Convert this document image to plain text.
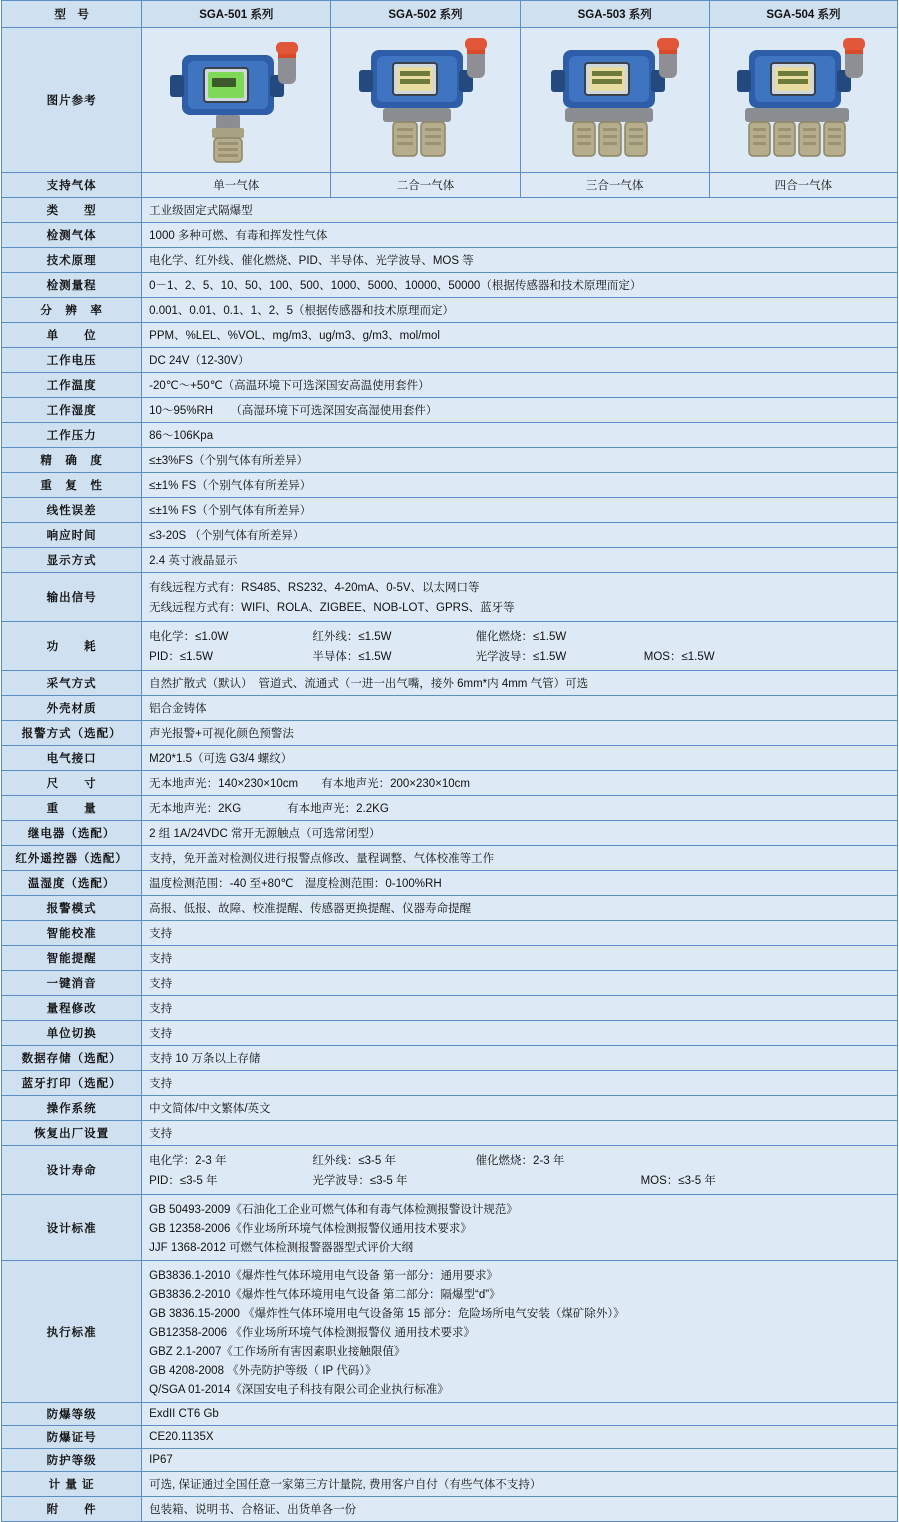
型　号	SGA-501 系列	SGA-502 系列	SGA-503 系列	SGA-504 系列
图片参考	

支持气体	单一气体	二合一气体	三合一气体	四合一气体
类　　型	工业级固定式隔爆型			
检测气体	1000 多种可燃、有毒和挥发性气体			
技术原理	电化学、红外线、催化燃烧、PID、半导体、光学波导、MOS 等			
检测量程	0－1、2、5、10、50、100、500、1000、5000、10000、50000（根据传感器和技术原理而定）			
分　辨　率	0.001、0.01、0.1、1、2、5（根据传感器和技术原理而定）			
单　　位	PPM、%LEL、%VOL、mg/m3、ug/m3、g/m3、mol/mol			
工作电压	DC 24V（12-30V）			
工作温度	-20℃～+50℃（高温环境下可选深国安高温使用套件）			
工作湿度	10～95%RH　　（高湿环境下可选深国安高湿使用套件）			
工作压力	86～106Kpa			
精　确　度	≤±3%FS（个别气体有所差异）			
重　复　性	≤±1% FS（个别气体有所差异）			
线性误差	≤±1% FS（个别气体有所差异）			
响应时间	≤3-20S （个别气体有所差异）			
显示方式	2.4 英寸液晶显示			
输出信号	有线远程方式有：RS485、RS232、4-20mA、0-5V、以太网口等
无线远程方式有：WIFI、ROLA、ZIGBEE、NOB-LOT、GPRS、蓝牙等			

功　　耗	电化学：≤1.0W 红外线：≤1.5W 催化燃烧：≤1.5W
PID：≤1.5W 半导体：≤1.5W 光学波导：≤1.5W MOS：≤1.5W			

采气方式	自然扩散式（默认）　管道式、流通式（一进一出气嘴，接外 6mm*内 4mm 气管）可选			
外壳材质	铝合金铸体			
报警方式（选配）	声光报警+可视化颜色预警法			
电气接口	M20*1.5（可选 G3/4 螺纹）			
尺　　寸	无本地声光：140×230×10cm　　有本地声光：200×230×10cm			
重　　量	无本地声光：2KG　　　　有本地声光：2.2KG			
继电器（选配）	2 组 1A/24VDC 常开无源触点（可选常闭型）			
红外遥控器（选配）	支持，免开盖对检测仪进行报警点修改、量程调整、气体校准等工作			
温湿度（选配）	温度检测范围：-40 至+80℃　湿度检测范围：0-100%RH			
报警模式	高报、低报、故障、校准提醒、传感器更换提醒、仪器寿命提醒			
智能校准	支持			
智能提醒	支持			
一键消音	支持			
量程修改	支持			
单位切换	支持			
数据存储（选配）	支持 10 万条以上存储			
蓝牙打印（选配）	支持			
操作系统	中文简体/中文繁体/英文			
恢复出厂设置	支持			
设计寿命	电化学：2-3 年 红外线：≤3-5 年 催化燃烧：2-3 年
PID：≤3-5 年 光学波导：≤3-5 年 MOS：≤3-5 年			

设计标准	GB 50493-2009《石油化工企业可燃气体和有毒气体检测报警设计规范》
GB 12358-2006《作业场所环境气体检测报警仪通用技术要求》
JJF 1368-2012 可燃气体检测报警器器型式评价大纲			

执行标准	
GB3836.1-2010《爆炸性气体环境用电气设备 第一部分：通用要求》
GB3836.2-2010《爆炸性气体环境用电气设备 第二部分：隔爆型“d”》
GB 3836.15-2000 《爆炸性气体环境用电气设备第 15 部分：危险场所电气安装（煤矿除外）》
GB12358-2006 《作业场所环境气体检测报警仪 通用技术要求》
GBZ 2.1-2007《工作场所有害因素职业接触限值》
GB 4208-2008 《外壳防护等级（ IP 代码）》
Q/SGA 01-2014《深国安电子科技有限公司企业执行标准》

防爆等级	ExdII CT6 Gb			
防爆证号	CE20.1135X			
防护等级	IP67			
计 量 证	可选, 保证通过全国任意一家第三方计量院, 费用客户自付（有些气体不支持）			
附　　件	包装箱、说明书、合格证、出货单各一份			
